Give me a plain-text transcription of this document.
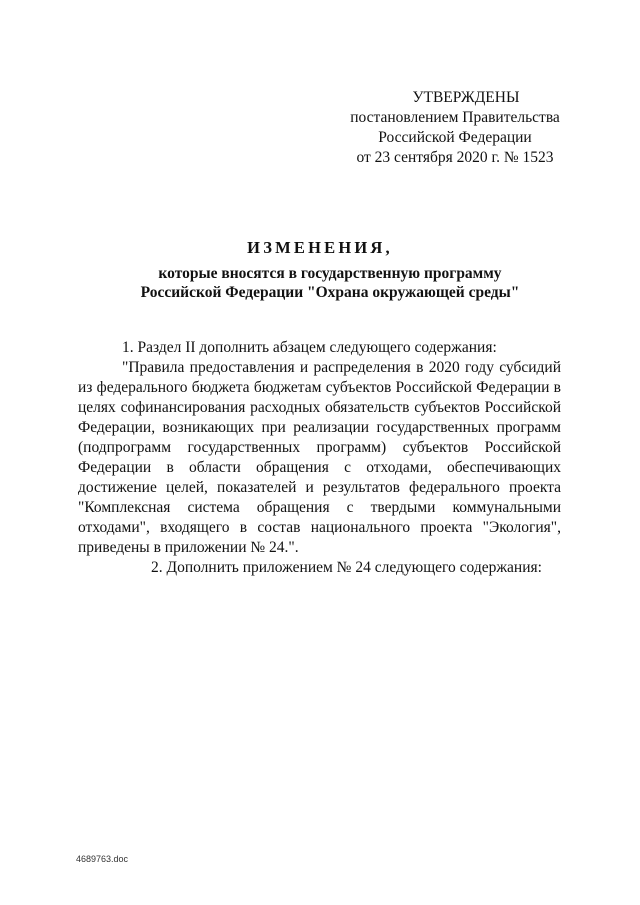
УТВЕРЖДЕНЫ
постановлением Правительства
Российской Федерации
от 23 сентября 2020 г. № 1523
ИЗМЕНЕНИЯ,
которые вносятся в государственную программу
Российской Федерации "Охрана окружающей среды"

1. Раздел II дополнить абзацем следующего содержания:

"Правила предоставления и распределения в 2020 году субсидий из федерального бюджета бюджетам субъектов Российской Федерации в целях софинансирования расходных обязательств субъектов Российской Федерации, возникающих при реализации государственных программ (подпрограмм государственных программ) субъектов Российской Федерации в области обращения с отходами, обеспечивающих достижение целей, показателей и результатов федерального проекта "Комплексная система обращения с твердыми коммунальными отходами", входящего в состав национального проекта "Экология", приведены в приложении № 24.".

2. Дополнить приложением № 24 следующего содержания:

4689763.doc
